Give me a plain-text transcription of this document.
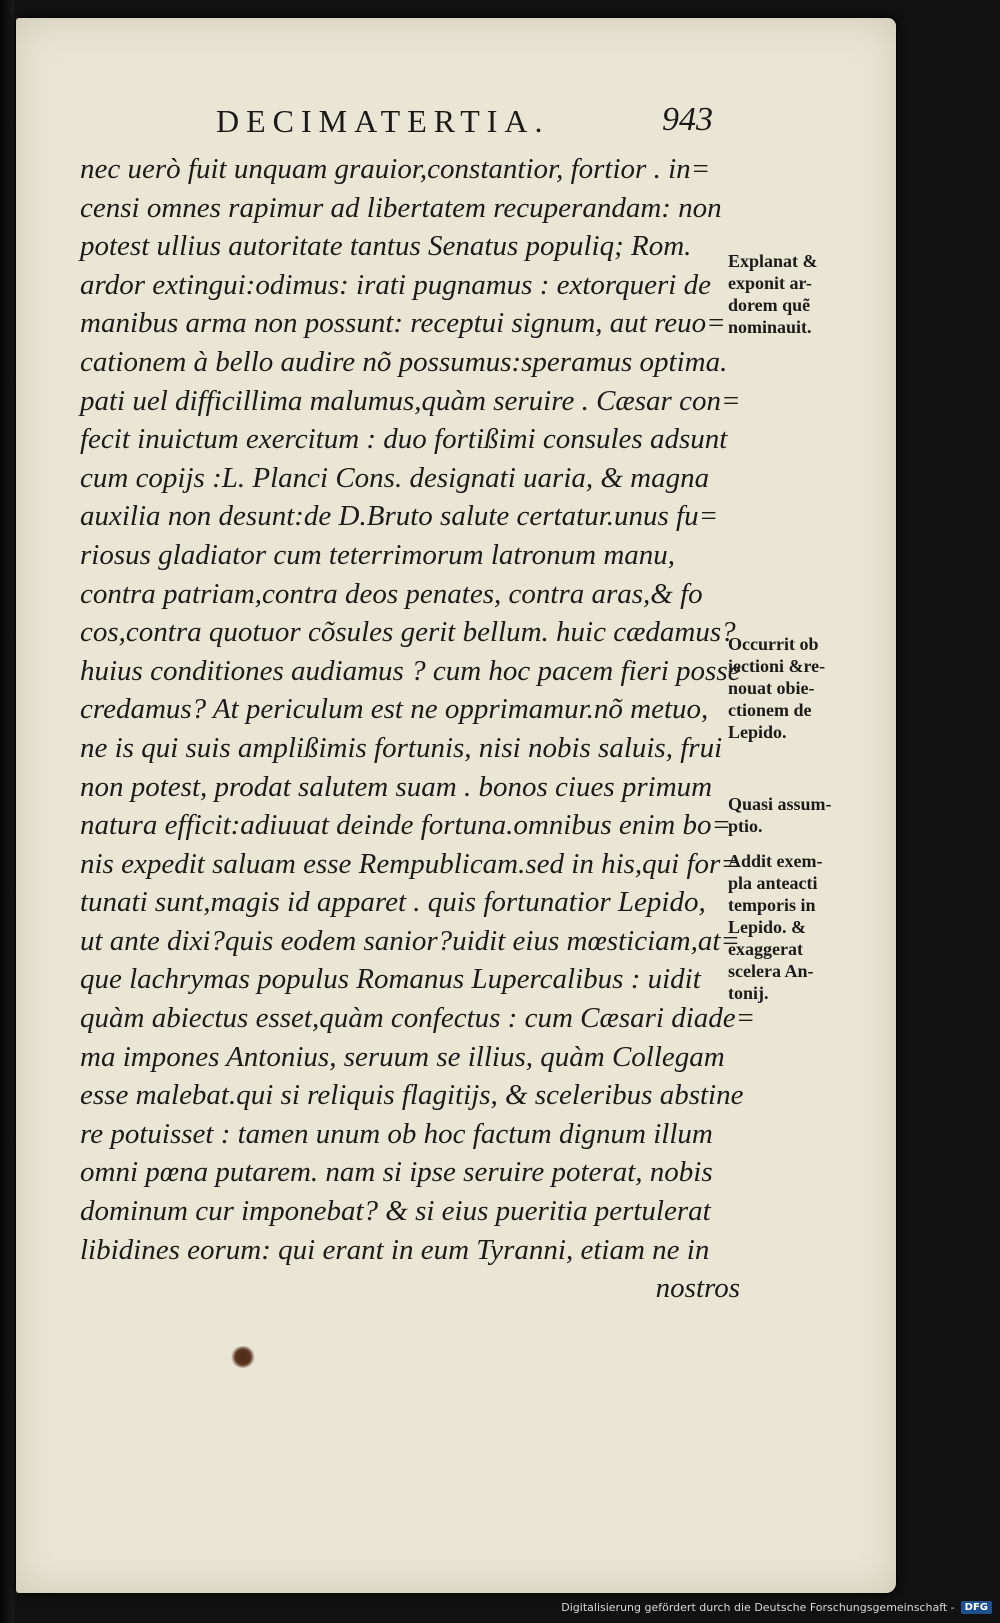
DECIMATERTIA.	943
nec uerò fuit unquam grauior,constantior, fortior . in=
censi omnes rapimur ad libertatem recuperandam: non
potest ullius autoritate tantus Senatus populiq; Rom.
ardor extingui:odimus: irati pugnamus : extorqueri de
manibus arma non possunt: receptui signum, aut reuo=
cationem à bello audire nõ possumus:speramus optima.
pati uel difficillima malumus,quàm seruire . Cæsar con=
fecit inuictum exercitum : duo fortißimi consules adsunt
cum copijs :L. Planci Cons. designati uaria, & magna
auxilia non desunt:de D.Bruto salute certatur.unus fu=
riosus gladiator cum teterrimorum latronum manu,
contra patriam,contra deos penates, contra aras,& fo
cos,contra quotuor cõsules gerit bellum. huic cædamus?
huius conditiones audiamus ? cum hoc pacem fieri posse
credamus? At periculum est ne opprimamur.nõ metuo,
ne is qui suis amplißimis fortunis, nisi nobis saluis, frui
non potest, prodat salutem suam . bonos ciues primum
natura efficit:adiuuat deinde fortuna.omnibus enim bo=
nis expedit saluam esse Rempublicam.sed in his,qui for=
tunati sunt,magis id apparet . quis fortunatior Lepido,
ut ante dixi?quis eodem sanior?uidit eius mœsticiam,at=
que lachrymas populus Romanus Lupercalibus : uidit
quàm abiectus esset,quàm confectus : cum Cæsari diade=
ma impones Antonius, seruum se illius, quàm Collegam
esse malebat.qui si reliquis flagitijs, & sceleribus abstine
re potuisset : tamen unum ob hoc factum dignum illum
omni pœna putarem. nam si ipse seruire poterat, nobis
dominum cur imponebat? & si eius pueritia pertulerat
libidines eorum: qui erant in eum Tyranni, etiam ne in
nostros
Explanat &
exponit ar-
dorem quẽ
nominauit.
Occurrit ob
iectioni &re-
nouat obie-
ctionem de
Lepido.
Quasi assum-
ptio.
Addit exem-
pla anteacti
temporis in
Lepido. &
exaggerat
scelera An-
tonij.
Digitalisierung gefördert durch die Deutsche Forschungsgemeinschaft -	DFG
